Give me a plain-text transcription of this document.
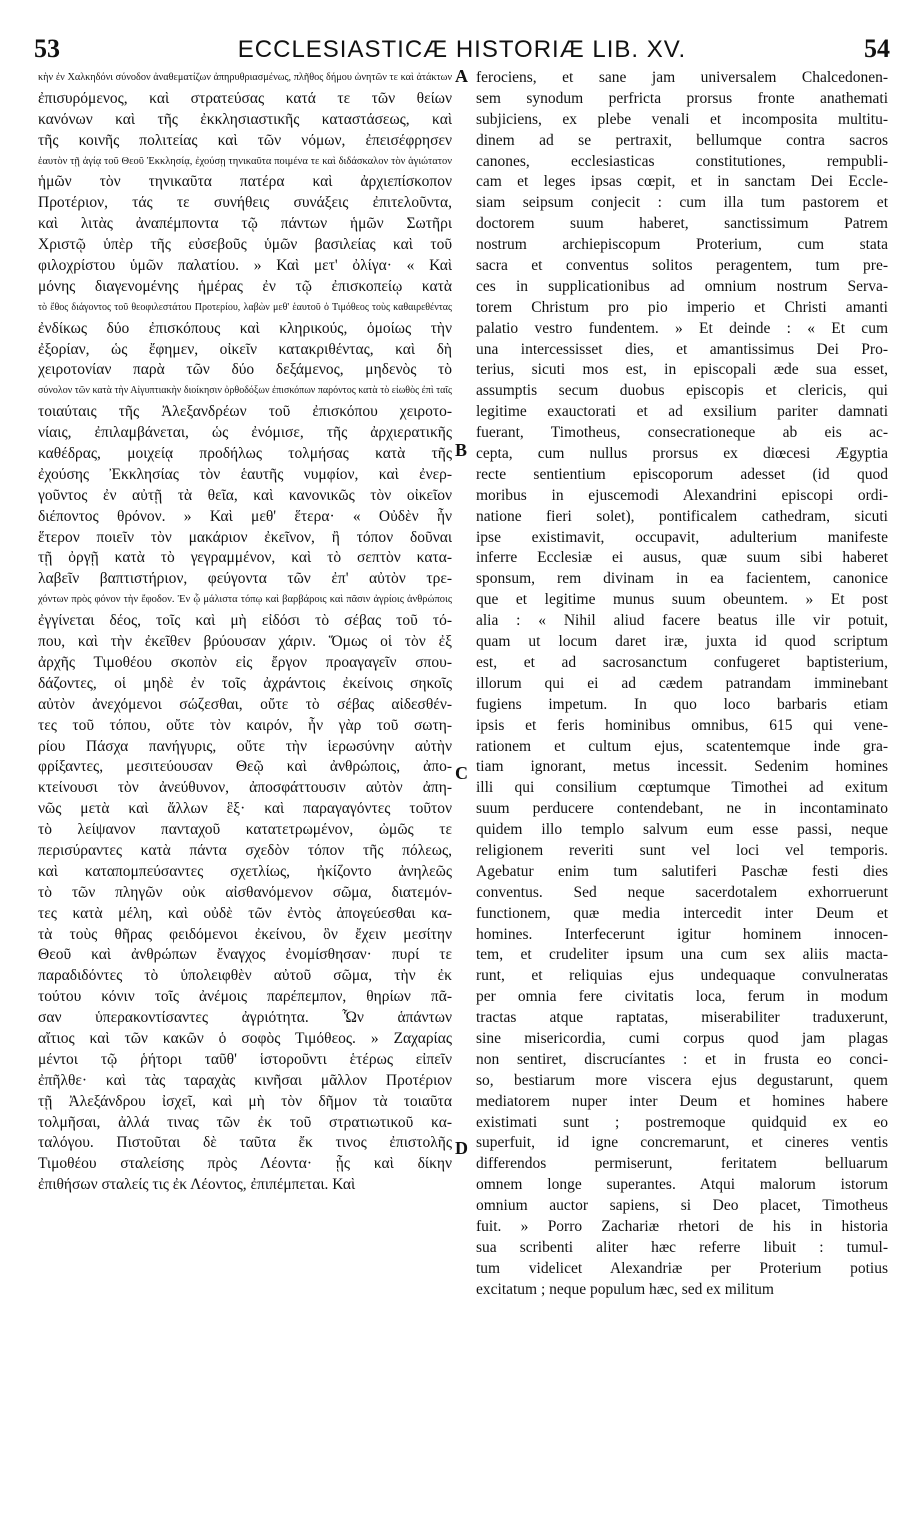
53	ECCLESIASTICÆ HISTORIÆ LIB. XV.	54
κὴν ἐν Χαλκηδόνι σύνοδον ἀναθεματίζων ἀπηρυθριασμένως, πλῆθος δήμου ὠνητῶν τε καὶ ἀτάκτων
ἐπισυρόμενος, καὶ στρατεύσας κατά τε τῶν θείων
κανόνων καὶ τῆς ἐκκλησιαστικῆς καταστάσεως, καὶ
τῆς κοινῆς πολιτείας καὶ τῶν νόμων, ἐπεισέφρησεν
ἑαυτὸν τῇ ἁγίᾳ τοῦ Θεοῦ Ἐκκλησίᾳ, ἐχούσῃ τηνικαῦτα ποιμένα τε καὶ διδάσκαλον τὸν ἁγιώτατον
ἡμῶν τὸν τηνικαῦτα πατέρα καὶ ἀρχιεπίσκοπον
Προτέριον, τάς τε συνήθεις συνάξεις ἐπιτελοῦντα,
καὶ λιτὰς ἀναπέμποντα τῷ πάντων ἡμῶν Σωτῆρι
Χριστῷ ὑπὲρ τῆς εὐσεβοῦς ὑμῶν βασιλείας καὶ τοῦ
φιλοχρίστου ὑμῶν παλατίου. » Καὶ μετ' ὀλίγα· « Καὶ
μόνης διαγενομένης ἡμέρας ἐν τῷ ἐπισκοπείῳ κατὰ
τὸ ἔθος διάγοντος τοῦ θεοφιλεστάτου Προτερίου, λαβὼν μεθ' ἑαυτοῦ ὁ Τιμόθεος τοὺς καθαιρεθέντας
ἐνδίκως δύο ἐπισκόπους καὶ κληρικούς, ὁμοίως τὴν
ἐξορίαν, ὡς ἔφημεν, οἰκεῖν κατακριθέντας, καὶ δὴ
χειροτονίαν παρὰ τῶν δύο δεξάμενος, μηδενὸς τὸ
σύνολον τῶν κατὰ τὴν Αἰγυπτιακὴν διοίκησιν ὀρθοδόξων ἐπισκόπων παρόντος κατὰ τὸ εἰωθὸς ἐπὶ ταῖς
τοιαύταις τῆς Ἀλεξανδρέων τοῦ ἐπισκόπου χειροτο-
νίαις, ἐπιλαμβάνεται, ὡς ἐνόμισε, τῆς ἀρχιερατικῆς
καθέδρας, μοιχείᾳ προδήλως τολμήσας κατὰ τῆς
ἐχούσης Ἐκκλησίας τὸν ἑαυτῆς νυμφίον, καὶ ἐνερ-
γοῦντος ἐν αὐτῇ τὰ θεῖα, καὶ κανονικῶς τὸν οἰκεῖον
διέποντος θρόνον. » Καὶ μεθ' ἕτερα· « Οὐδὲν ἦν
ἕτερον ποιεῖν τὸν μακάριον ἐκεῖνον, ἢ τόπον δοῦναι
τῇ ὀργῇ κατὰ τὸ γεγραμμένον, καὶ τὸ σεπτὸν κατα-
λαβεῖν βαπτιστήριον, φεύγοντα τῶν ἐπ' αὐτὸν τρε-
χόντων πρὸς φόνον τὴν ἔφοδον. Ἐν ᾧ μάλιστα τόπῳ καὶ βαρβάροις καὶ πᾶσιν ἀγρίοις ἀνθρώποις
ἐγγίνεται δέος, τοῖς καὶ μὴ εἰδόσι τὸ σέβας τοῦ τό-
που, καὶ τὴν ἐκεῖθεν βρύουσαν χάριν. Ὅμως οἱ τὸν ἐξ
ἀρχῆς Τιμοθέου σκοπὸν εἰς ἔργον προαγαγεῖν σπου-
δάζοντες, οἱ μηδὲ ἐν τοῖς ἀχράντοις ἐκείνοις σηκοῖς
αὐτὸν ἀνεχόμενοι σώζεσθαι, οὔτε τὸ σέβας αἰδεσθέν-
τες τοῦ τόπου, οὔτε τὸν καιρόν, ἦν γὰρ τοῦ σωτη-
ρίου Πάσχα πανήγυρις, οὔτε τὴν ἱερωσύνην αὐτὴν
φρίξαντες, μεσιτεύουσαν Θεῷ καὶ ἀνθρώποις, ἀπο-
κτείνουσι τὸν ἀνεύθυνον, ἀποσφάττουσιν αὐτὸν ἀπη-
νῶς μετὰ καὶ ἄλλων ἓξ· καὶ παραγαγόντες τοῦτον
τὸ λείψανον πανταχοῦ κατατετρωμένον, ὠμῶς τε
περισύραντες κατὰ πάντα σχεδὸν τόπον τῆς πόλεως,
καὶ καταπομπεύσαντες σχετλίως, ἠκίζοντο ἀνηλεῶς
τὸ τῶν πληγῶν οὐκ αἰσθανόμενον σῶμα, διατεμόν-
τες κατὰ μέλη, καὶ οὐδὲ τῶν ἐντὸς ἀπογεύεσθαι κα-
τὰ τοὺς θῆρας φειδόμενοι ἐκείνου, ὃν ἔχειν μεσίτην
Θεοῦ καὶ ἀνθρώπων ἔναγχος ἐνομίσθησαν· πυρί τε
παραδιδόντες τὸ ὑπολειφθὲν αὐτοῦ σῶμα, τὴν ἐκ
τούτου κόνιν τοῖς ἀνέμοις παρέπεμπον, θηρίων πᾶ-
σαν ὑπερακοντίσαντες ἀγριότητα. Ὧν ἁπάντων
αἴτιος καὶ τῶν κακῶν ὁ σοφὸς Τιμόθεος. » Ζαχαρίας
μέντοι τῷ ῥήτορι ταῦθ' ἱστοροῦντι ἑτέρως εἰπεῖν
ἐπῆλθε· καὶ τὰς ταραχὰς κινῆσαι μᾶλλον Προτέριον
τῇ Ἀλεξάνδρου ἰσχεῖ, καὶ μὴ τὸν δῆμον τὰ τοιαῦτα
τολμῆσαι, ἀλλά τινας τῶν ἐκ τοῦ στρατιωτικοῦ κα-
ταλόγου. Πιστοῦται δὲ ταῦτα ἔκ τινος ἐπιστολῆς
Τιμοθέου σταλείσης πρὸς Λέοντα· ᾗς καὶ δίκην
ἐπιθήσων σταλείς τις ἐκ Λέοντος, ἐπιπέμπεται. Καὶ
ferociens, et sane jam universalem Chalcedonen-
sem synodum perfricta prorsus fronte anathemati
subjiciens, ex plebe venali et incomposita multitu-
dinem ad se pertraxit, bellumque contra sacros
canones, ecclesiasticas constitutiones, rempubli-
cam et leges ipsas cœpit, et in sanctam Dei Eccle-
siam seipsum conjecit : cum illa tum pastorem et
doctorem suum haberet, sanctissimum Patrem
nostrum archiepiscopum Proterium, cum stata
sacra et conventus solitos peragentem, tum pre-
ces in supplicationibus ad omnium nostrum Serva-
torem Christum pro pio imperio et Christi amanti
palatio vestro fundentem. » Et deinde : « Et cum
una intercessisset dies, et amantissimus Dei Pro-
terius, sicuti mos est, in episcopali æde sua esset,
assumptis secum duobus episcopis et clericis, qui
legitime exauctorati et ad exsilium pariter damnati
fuerant, Timotheus, consecrationeque ab eis ac-
cepta, cum nullus prorsus ex diœcesi Ægyptia
recte sentientium episcoporum adesset (id quod
moribus in ejuscemodi Alexandrini episcopi ordi-
natione fieri solet), pontificalem cathedram, sicuti
ipse existimavit, occupavit, adulterium manifeste
inferre Ecclesiæ ei ausus, quæ suum sibi haberet
sponsum, rem divinam in ea facientem, canonice
que et legitime munus suum obeuntem. » Et post
alia : « Nihil aliud facere beatus ille vir potuit,
quam ut locum daret iræ, juxta id quod scriptum
est, et ad sacrosanctum confugeret baptisterium,
illorum qui ei ad cædem patrandam imminebant
fugiens impetum. In quo loco barbaris etiam
ipsis et feris hominibus omnibus, 615 qui vene-
rationem et cultum ejus, scatentemque inde gra-
tiam ignorant, metus incessit. Sedenim homines
illi qui consilium cœptumque Timothei ad exitum
suum perducere contendebant, ne in incontaminato
quidem illo templo salvum eum esse passi, neque
religionem reveriti sunt vel loci vel temporis.
Agebatur enim tum salutiferi Paschæ festi dies
conventus. Sed neque sacerdotalem exhorruerunt
functionem, quæ media intercedit inter Deum et
homines. Interfecerunt igitur hominem innocen-
tem, et crudeliter ipsum una cum sex aliis macta-
runt, et reliquias ejus undequaque convulneratas
per omnia fere civitatis loca, ferum in modum
tractas atque raptatas, miserabiliter traduxerunt,
sine misericordia, cumi corpus quod jam plagas
non sentiret, discrucíantes : et in frusta eo conci-
so, bestiarum more viscera ejus degustarunt, quem
mediatorem nuper inter Deum et homines habere
existimati sunt ; postremoque quidquid ex eo
superfuit, id igne concremarunt, et cineres ventis
differendos permiserunt, feritatem belluarum
omnem longe superantes. Atqui malorum istorum
omnium auctor sapiens, si Deo placet, Timotheus
fuit. » Porro Zachariæ rhetori de his in historia
sua scribenti aliter hæc referre libuit : tumul-
tum videlicet Alexandriæ per Proterium potius
excitatum ; neque populum hæc, sed ex militum
A
B
C
D
